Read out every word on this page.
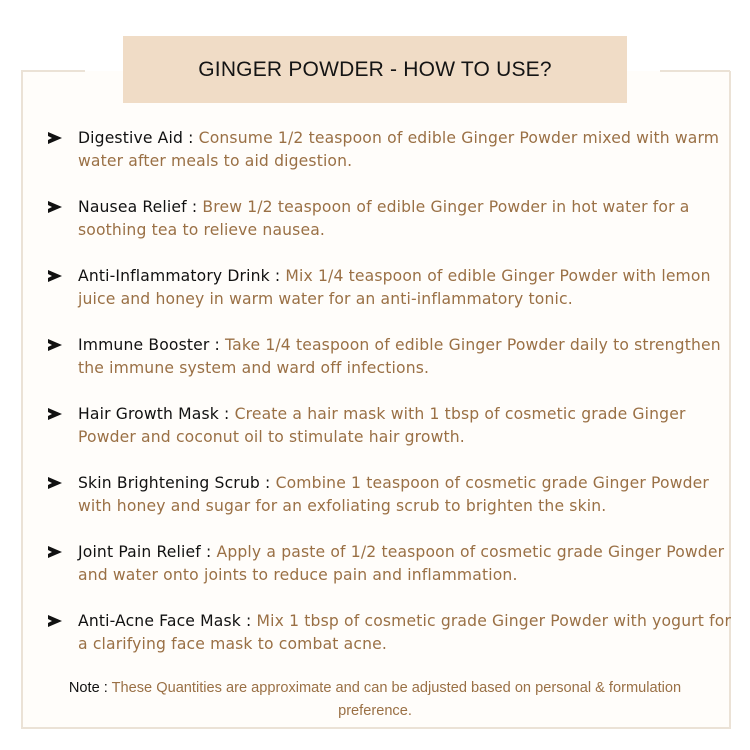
GINGER POWDER - HOW TO USE?
Digestive Aid : Consume 1/2 teaspoon of edible Ginger Powder mixed with warm water after meals to aid digestion.
Nausea Relief : Brew 1/2 teaspoon of edible Ginger Powder in hot water for a soothing tea to relieve nausea.
Anti-Inflammatory Drink : Mix 1/4 teaspoon of edible Ginger Powder with lemon juice and honey in warm water for an anti-inflammatory tonic.
Immune Booster : Take 1/4 teaspoon of edible Ginger Powder daily to strengthen the immune system and ward off infections.
Hair Growth Mask : Create a hair mask with 1 tbsp of cosmetic grade Ginger Powder and coconut oil to stimulate hair growth.
Skin Brightening Scrub : Combine 1 teaspoon of cosmetic grade Ginger Powder with honey and sugar for an exfoliating scrub to brighten the skin.
Joint Pain Relief : Apply a paste of 1/2 teaspoon of cosmetic grade Ginger Powder and water onto joints to reduce pain and inflammation.
Anti-Acne Face Mask : Mix 1 tbsp of cosmetic grade Ginger Powder with yogurt for a clarifying face mask to combat acne.
Note : These Quantities are approximate and can be adjusted based on personal & formulation preference.
